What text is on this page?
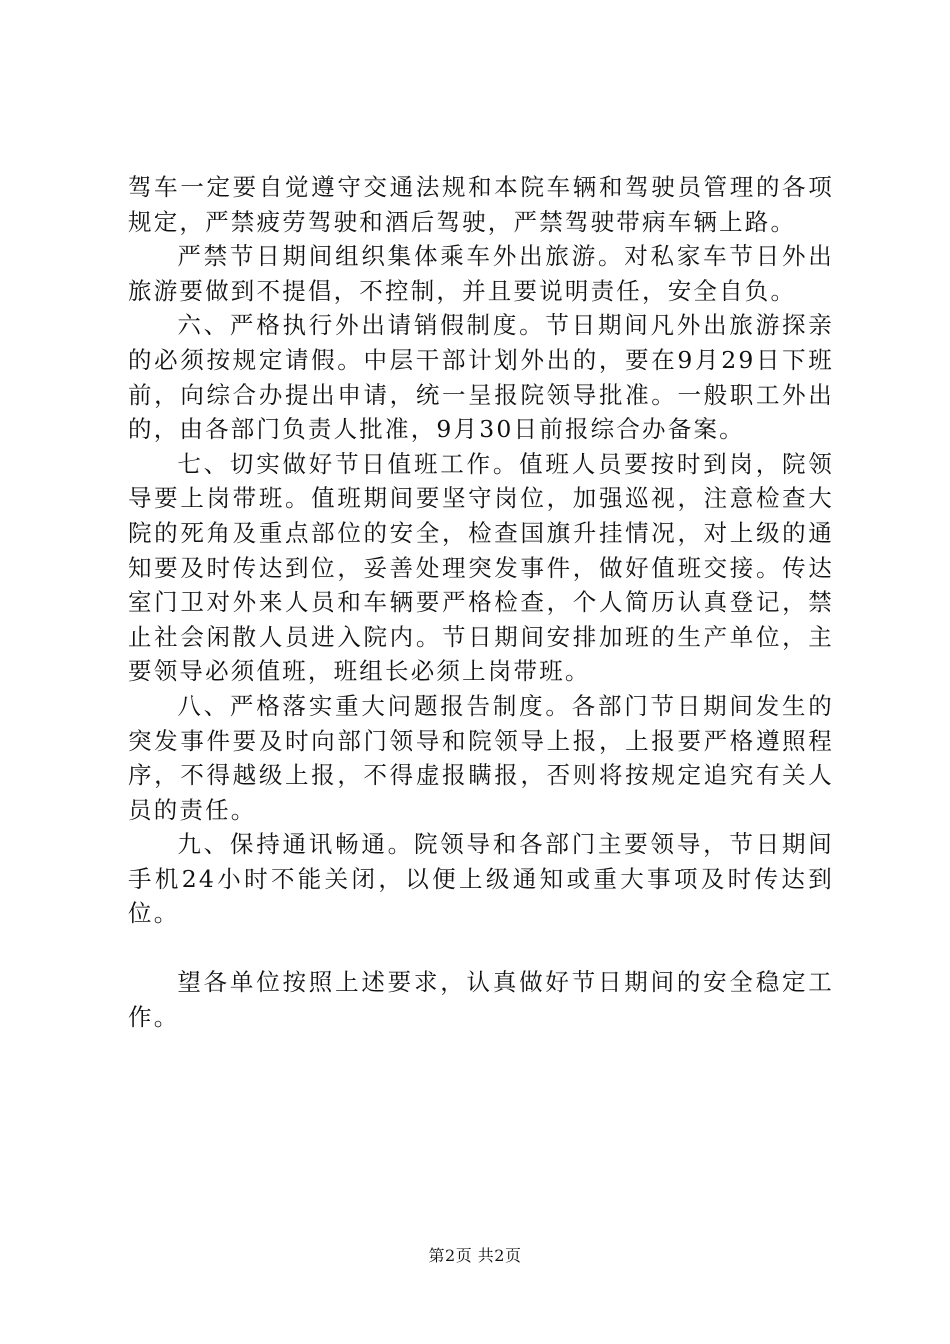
驾车一定要自觉遵守交通法规和本院车辆和驾驶员管理的各项规定，严禁疲劳驾驶和酒后驾驶，严禁驾驶带病车辆上路。

严禁节日期间组织集体乘车外出旅游。对私家车节日外出旅游要做到不提倡，不控制，并且要说明责任，安全自负。

六、严格执行外出请销假制度。节日期间凡外出旅游探亲的必须按规定请假。中层干部计划外出的，要在9月29日下班前，向综合办提出申请，统一呈报院领导批准。一般职工外出的，由各部门负责人批准，9月30日前报综合办备案。

七、切实做好节日值班工作。值班人员要按时到岗，院领导要上岗带班。值班期间要坚守岗位，加强巡视，注意检查大院的死角及重点部位的安全，检查国旗升挂情况，对上级的通知要及时传达到位，妥善处理突发事件，做好值班交接。传达室门卫对外来人员和车辆要严格检查，个人简历认真登记，禁止社会闲散人员进入院内。节日期间安排加班的生产单位，主要领导必须值班，班组长必须上岗带班。

八、严格落实重大问题报告制度。各部门节日期间发生的突发事件要及时向部门领导和院领导上报，上报要严格遵照程序，不得越级上报，不得虚报瞒报，否则将按规定追究有关人员的责任。

九、保持通讯畅通。院领导和各部门主要领导，节日期间手机24小时不能关闭，以便上级通知或重大事项及时传达到位。

望各单位按照上述要求，认真做好节日期间的安全稳定工作。

第2页 共2页
